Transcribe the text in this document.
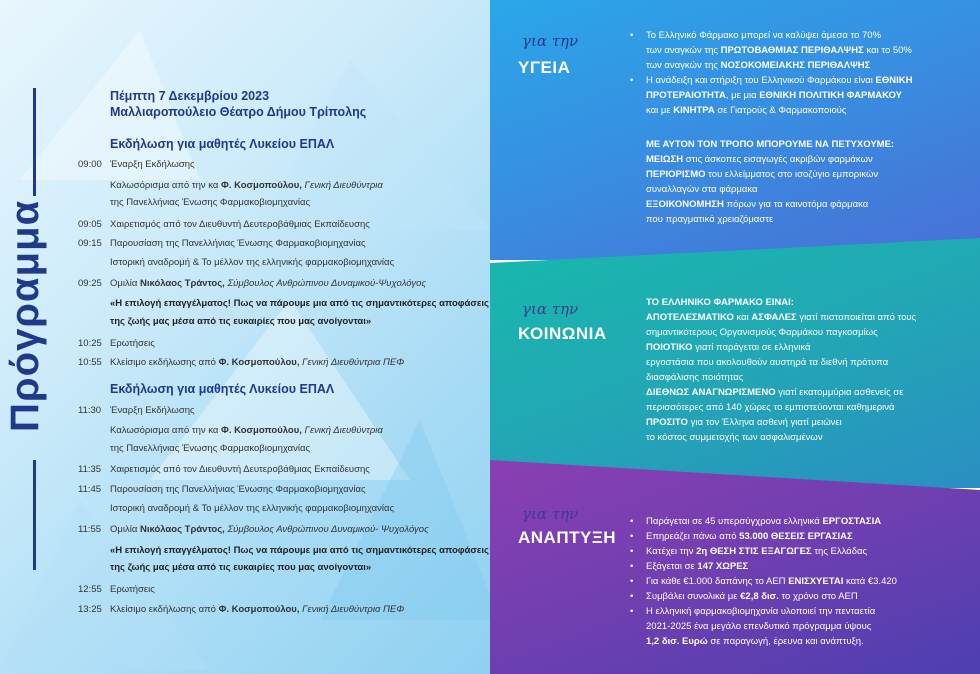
Πρόγραμμα
Πέμπτη 7 Δεκεμβρίου 2023
Μαλλιαροπούλειο Θέατρο Δήμου Τρίπολης
Εκδήλωση για μαθητές Λυκείου ΕΠΑΛ
09:00 Έναρξη Εκδήλωσης
Καλωσόρισμα από την κα Φ. Κοσμοπούλου, Γενική Διευθύντρια
της Πανελλήνιας Ένωσης Φαρμακοβιομηχανίας
09:05 Χαιρετισμός από τον Διευθυντή Δευτεροβάθμιας Εκπαίδευσης
09:15 Παρουσίαση της Πανελλήνιας Ένωσης Φαρμακοβιομηχανίας
Ιστορική αναδρομή & Το μέλλον της ελληνικής φαρμακοβιομηχανίας
09:25 Ομιλία Νικόλαος Τράντος, Σύμβουλος Ανθρώπινου Δυναμικού-Ψυχολόγος
«Η επιλογή επαγγέλματος! Πως να πάρουμε μια από τις σημαντικότερες αποφάσεις
της ζωής μας μέσα από τις ευκαιρίες που μας ανοίγονται»
10:25 Ερωτήσεις
10:55 Κλείσιμο εκδήλωσης από Φ. Κοσμοπούλου, Γενική Διευθύντρια ΠΕΦ
Εκδήλωση για μαθητές Λυκείου ΕΠΑΛ
11:30 Έναρξη Εκδήλωσης
Καλωσόρισμα από την κα Φ. Κοσμοπούλου, Γενική Διευθύντρια
της Πανελλήνιας Ένωσης Φαρμακοβιομηχανίας
11:35 Χαιρετισμός από τον Διευθυντή Δευτεροβάθμιας Εκπαίδευσης
11:45 Παρουσίαση της Πανελλήνιας Ένωσης Φαρμακοβιομηχανίας
Ιστορική αναδρομή & Το μέλλον της ελληνικής φαρμακοβιομηχανίας
11:55 Ομιλία Νικόλαος Τράντος, Σύμβουλος Ανθρώπινου Δυναμικού- Ψυχολόγος
«Η επιλογή επαγγέλματος! Πως να πάρουμε μια από τις σημαντικότερες αποφάσεις
της ζωής μας μέσα από τις ευκαιρίες που μας ανοίγονται»
12:55 Ερωτήσεις
13:25 Κλείσιμο εκδήλωσης από Φ. Κοσμοπούλου, Γενική Διευθύντρια ΠΕΦ
για την
ΥΓΕΙΑ
• Το Ελληνικό Φάρμακο μπορεί να καλύψει άμεσα το 70%
των αναγκών της ΠΡΩΤΟΒΑΘΜΙΑΣ ΠΕΡΙΘΑΛΨΗΣ και το 50%
των αναγκών της ΝΟΣΟΚΟΜΕΙΑΚΗΣ ΠΕΡΙΘΑΛΨΗΣ
• Η ανάδειξη και στήριξη του Ελληνικού Φαρμάκου είναι ΕΘΝΙΚΗ
ΠΡΟΤΕΡΑΙΟΤΗΤΑ, με μια ΕΘΝΙΚΗ ΠΟΛΙΤΙΚΗ ΦΑΡΜΑΚΟΥ
και με ΚΙΝΗΤΡΑ σε Γιατρούς & Φαρμακοποιούς
ΜΕ ΑΥΤΟΝ ΤΟΝ ΤΡΟΠΟ ΜΠΟΡΟΥΜΕ ΝΑ ΠΕΤΥΧΟΥΜΕ:
ΜΕΙΩΣΗ στις άσκοπες εισαγωγές ακριβών φαρμάκων
ΠΕΡΙΟΡΙΣΜΟ του ελλείμματος στο ισοζύγιο εμπορικών
συναλλαγών στα φάρμακα
ΕΞΟΙΚΟΝΟΜΗΣΗ πόρων για τα καινοτόμα φάρμακα
που πραγματικά χρειαζόμαστε
για την
ΚΟΙΝΩΝΙΑ
ΤΟ ΕΛΛΗΝΙΚΟ ΦΑΡΜΑΚΟ ΕΙΝΑΙ:
ΑΠΟΤΕΛΕΣΜΑΤΙΚΟ και ΑΣΦΑΛΕΣ γιατί πιστοποιείται από τους
σημαντικότερους Οργανισμούς Φαρμάκου παγκοσμίως
ΠΟΙΟΤΙΚΟ γιατί παράγεται σε ελληνικά
εργοστάσια που ακολουθούν αυστηρά τα διεθνή πρότυπα
διασφάλισης ποιότητας
ΔΙΕΘΝΩΣ ΑΝΑΓΝΩΡΙΣΜΕΝΟ γιατί εκατομμύρια ασθενείς σε
περισσότερες από 140 χώρες το εμπιστεύονται καθημερινά
ΠΡΟΣΙΤΟ για τον Έλληνα ασθενή γιατί μειώνει
το κόστος συμμετοχής των ασφαλισμένων
για την
ΑΝΑΠΤΥΞΗ
• Παράγεται σε 45 υπερσύγχρονα ελληνικά ΕΡΓΟΣΤΑΣΙΑ
• Επηρεάζει πάνω από 53.000 ΘΕΣΕΙΣ ΕΡΓΑΣΙΑΣ
• Κατέχει την 2η ΘΕΣΗ ΣΤΙΣ ΕΞΑΓΩΓΕΣ της Ελλάδας
• Εξάγεται σε 147 ΧΩΡΕΣ
• Για κάθε €1.000 δαπάνης το ΑΕΠ ΕΝΙΣΧΥΕΤΑΙ κατά €3.420
• Συμβάλει συνολικά με €2,8 δισ. το χρόνο στο ΑΕΠ
• Η ελληνική φαρμακοβιομηχανία υλοποιεί την πενταετία
2021-2025 ένα μεγάλο επενδυτικό πρόγραμμα ύψους
1,2 δισ. Ευρώ σε παραγωγή, έρευνα και ανάπτυξη.
